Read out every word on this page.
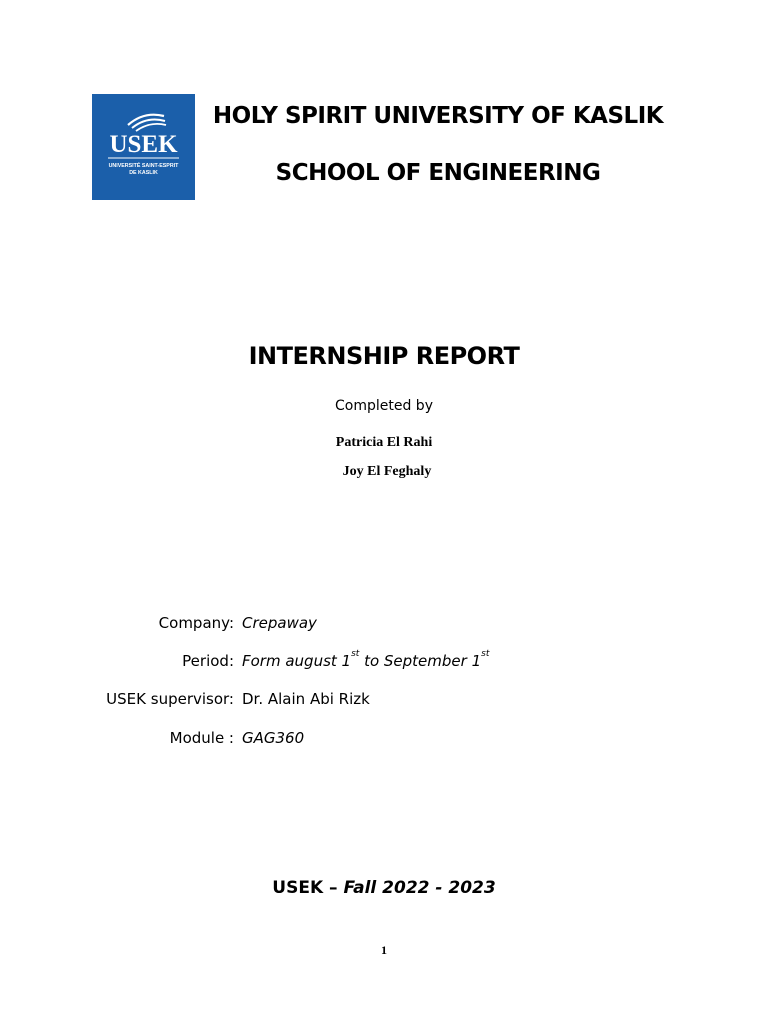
USEK
UNIVERSITÉ SAINT-ESPRIT
DE KASLIK
HOLY SPIRIT UNIVERSITY OF KASLIK
SCHOOL OF ENGINEERING
INTERNSHIP REPORT
Completed by
Patricia El Rahi
Joy El Feghaly
Company: Crepaway
Period: Form august 1st to September 1st
USEK supervisor: Dr. Alain Abi Rizk
Module : GAG360
USEK – Fall 2022 - 2023
1
